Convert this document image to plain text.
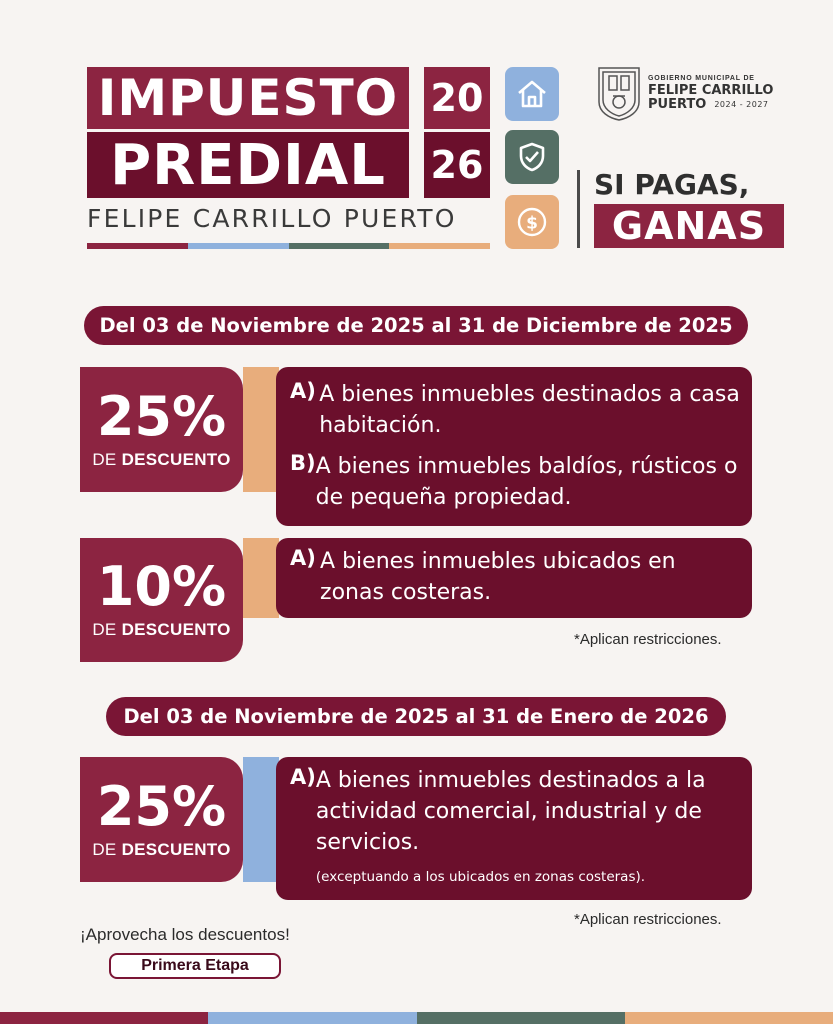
IMPUESTO
PREDIAL
20
26
FELIPE CARRILLO PUERTO	$
GOBIERNO MUNICIPAL DE
FELIPE CARRILLO
PUERTO 2024 - 2027
SI PAGAS,
GANAS
Del 03 de Noviembre de 2025 al 31 de Diciembre de 2025
25%
DE DESCUENTO
A) A bienes inmuebles destinados a casa habitación.
B) A bienes inmuebles baldíos, rústicos o de pequeña propiedad.
10%
DE DESCUENTO
A) A bienes inmuebles ubicados en zonas costeras.
*Aplican restricciones.
Del 03 de Noviembre de 2025 al 31 de Enero de 2026
25%
DE DESCUENTO
A) A bienes inmuebles destinados a la actividad comercial, industrial y de servicios.
(exceptuando a los ubicados en zonas costeras).
*Aplican restricciones.
¡Aprovecha los descuentos!
Primera Etapa
